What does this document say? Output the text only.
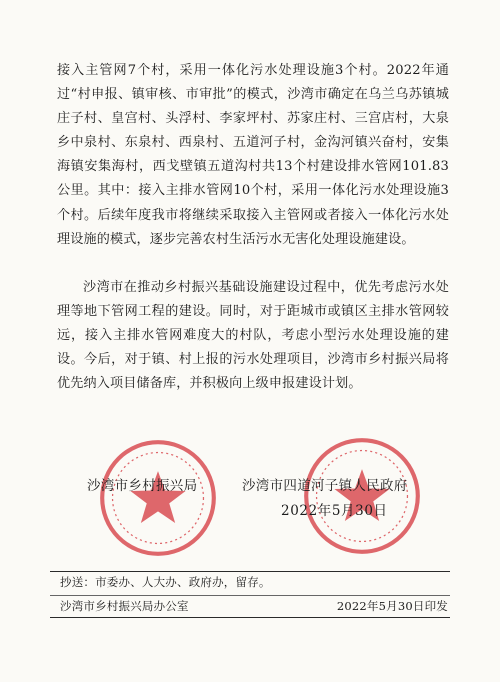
接入主管网7个村，采用一体化污水处理设施3个村。2022年通过“村申报、镇审核、市审批”的模式，沙湾市确定在乌兰乌苏镇城庄子村、皇宫村、头浮村、李家坪村、苏家庄村、三宫店村，大泉乡中泉村、东泉村、西泉村、五道河子村，金沟河镇兴奋村，安集海镇安集海村，西戈壁镇五道沟村共13个村建设排水管网101.83公里。其中：接入主排水管网10个村，采用一体化污水处理设施3个村。后续年度我市将继续采取接入主管网或者接入一体化污水处理设施的模式，逐步完善农村生活污水无害化处理设施建设。

沙湾市在推动乡村振兴基础设施建设过程中，优先考虑污水处理等地下管网工程的建设。同时，对于距城市或镇区主排水管网较远，接入主排水管网难度大的村队，考虑小型污水处理设施的建设。今后，对于镇、村上报的污水处理项目，沙湾市乡村振兴局将优先纳入项目储备库，并积极向上级申报建设计划。

沙湾市乡村振兴局	沙湾市四道河子镇人民政府
2022年5月30日
抄送：市委办、人大办、政府办，留存。
沙湾市乡村振兴局办公室	2022年5月30日印发
